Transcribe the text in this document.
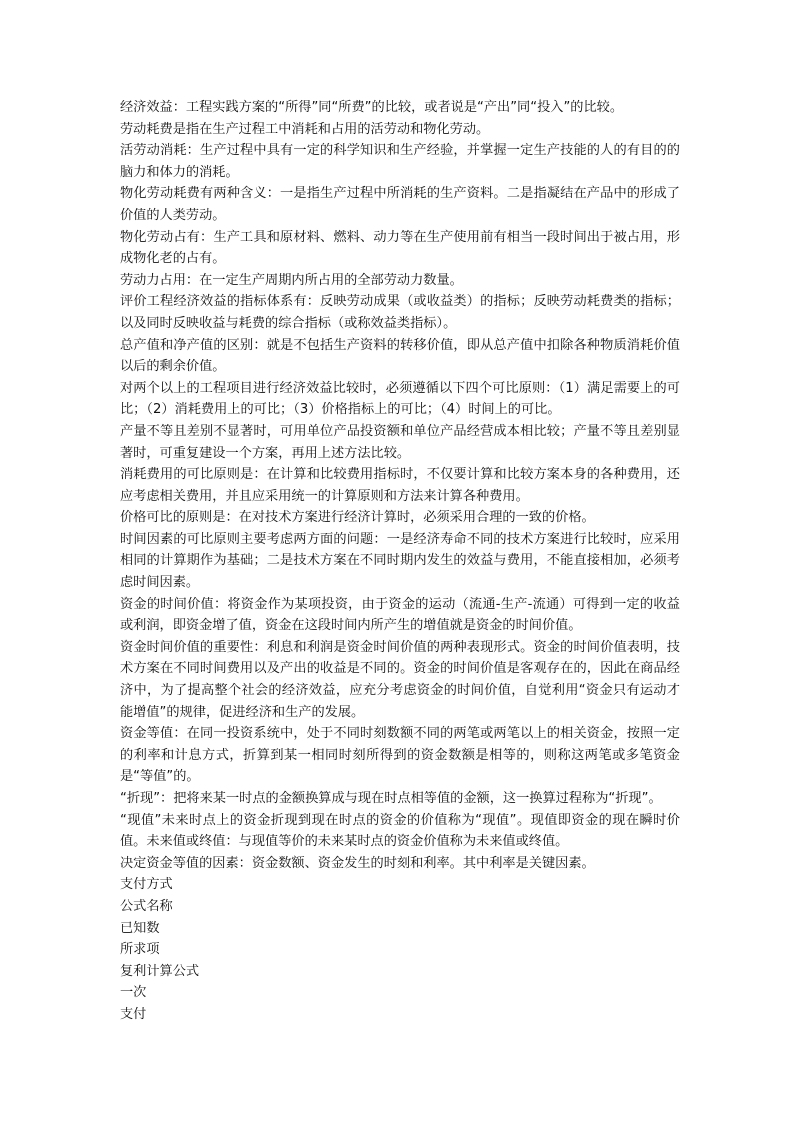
经济效益：工程实践方案的“所得”同“所费”的比较，或者说是“产出”同“投入”的比较。

劳动耗费是指在生产过程工中消耗和占用的活劳动和物化劳动。

活劳动消耗：生产过程中具有一定的科学知识和生产经验，并掌握一定生产技能的人的有目的的脑力和体力的消耗。

物化劳动耗费有两种含义：一是指生产过程中所消耗的生产资料。二是指凝结在产品中的形成了价值的人类劳动。

物化劳动占有：生产工具和原材料、燃料、动力等在生产使用前有相当一段时间出于被占用，形成物化老的占有。

劳动力占用：在一定生产周期内所占用的全部劳动力数量。

评价工程经济效益的指标体系有：反映劳动成果（或收益类）的指标；反映劳动耗费类的指标；以及同时反映收益与耗费的综合指标（或称效益类指标）。

总产值和净产值的区别：就是不包括生产资料的转移价值，即从总产值中扣除各种物质消耗价值以后的剩余价值。

对两个以上的工程项目进行经济效益比较时，必须遵循以下四个可比原则：（1）满足需要上的可比；（2）消耗费用上的可比；（3）价格指标上的可比；（4）时间上的可比。

产量不等且差别不显著时，可用单位产品投资额和单位产品经营成本相比较；产量不等且差别显著时，可重复建设一个方案，再用上述方法比较。

消耗费用的可比原则是：在计算和比较费用指标时，不仅要计算和比较方案本身的各种费用，还应考虑相关费用，并且应采用统一的计算原则和方法来计算各种费用。

价格可比的原则是：在对技术方案进行经济计算时，必须采用合理的一致的价格。

时间因素的可比原则主要考虑两方面的问题：一是经济寿命不同的技术方案进行比较时，应采用相同的计算期作为基础；二是技术方案在不同时期内发生的效益与费用，不能直接相加，必须考虑时间因素。

资金的时间价值：将资金作为某项投资，由于资金的运动（流通-生产-流通）可得到一定的收益或利润，即资金增了值，资金在这段时间内所产生的增值就是资金的时间价值。

资金时间价值的重要性：利息和利润是资金时间价值的两种表现形式。资金的时间价值表明，技术方案在不同时间费用以及产出的收益是不同的。资金的时间价值是客观存在的，因此在商品经济中，为了提高整个社会的经济效益，应充分考虑资金的时间价值，自觉利用“资金只有运动才能增值”的规律，促进经济和生产的发展。

资金等值：在同一投资系统中，处于不同时刻数额不同的两笔或两笔以上的相关资金，按照一定的利率和计息方式，折算到某一相同时刻所得到的资金数额是相等的，则称这两笔或多笔资金是“等值”的。

“折现”：把将来某一时点的金额换算成与现在时点相等值的金额，这一换算过程称为“折现”。

“现值”未来时点上的资金折现到现在时点的资金的价值称为“现值”。现值即资金的现在瞬时价值。未来值或终值：与现值等价的未来某时点的资金价值称为未来值或终值。

决定资金等值的因素：资金数额、资金发生的时刻和利率。其中利率是关键因素。

支付方式

公式名称

已知数

所求项

复利计算公式

一次

支付
